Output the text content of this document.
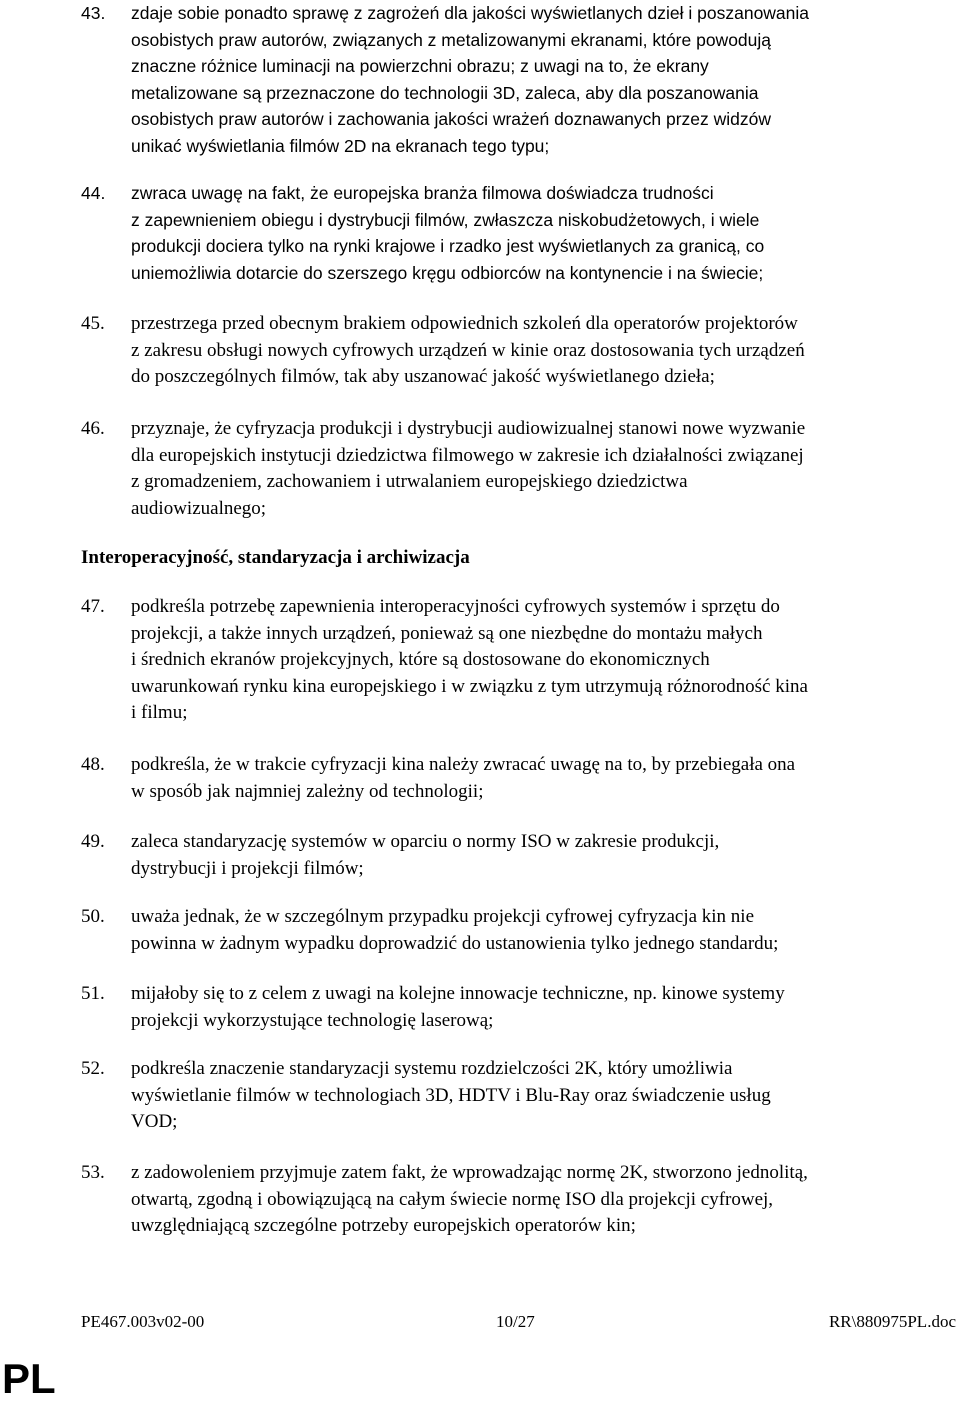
43. zdaje sobie ponadto sprawę z zagrożeń dla jakości wyświetlanych dzieł i poszanowania
osobistych praw autorów, związanych z metalizowanymi ekranami, które powodują
znaczne różnice luminacji na powierzchni obrazu; z uwagi na to, że ekrany
metalizowane są przeznaczone do technologii 3D, zaleca, aby dla poszanowania
osobistych praw autorów i zachowania jakości wrażeń doznawanych przez widzów
unikać wyświetlania filmów 2D na ekranach tego typu;
44. zwraca uwagę na fakt, że europejska branża filmowa doświadcza trudności
z zapewnieniem obiegu i dystrybucji filmów, zwłaszcza niskobudżetowych, i wiele
produkcji dociera tylko na rynki krajowe i rzadko jest wyświetlanych za granicą, co
uniemożliwia dotarcie do szerszego kręgu odbiorców na kontynencie i na świecie;
45. przestrzega przed obecnym brakiem odpowiednich szkoleń dla operatorów projektorów
z zakresu obsługi nowych cyfrowych urządzeń w kinie oraz dostosowania tych urządzeń
do poszczególnych filmów, tak aby uszanować jakość wyświetlanego dzieła;
46. przyznaje, że cyfryzacja produkcji i dystrybucji audiowizualnej stanowi nowe wyzwanie
dla europejskich instytucji dziedzictwa filmowego w zakresie ich działalności związanej
z gromadzeniem, zachowaniem i utrwalaniem europejskiego dziedzictwa
audiowizualnego;
Interoperacyjność, standaryzacja i archiwizacja
47. podkreśla potrzebę zapewnienia interoperacyjności cyfrowych systemów i sprzętu do
projekcji, a także innych urządzeń, ponieważ są one niezbędne do montażu małych
i średnich ekranów projekcyjnych, które są dostosowane do ekonomicznych
uwarunkowań rynku kina europejskiego i w związku z tym utrzymują różnorodność kina
i filmu;
48. podkreśla, że w trakcie cyfryzacji kina należy zwracać uwagę na to, by przebiegała ona
w sposób jak najmniej zależny od technologii;
49. zaleca standaryzację systemów w oparciu o normy ISO w zakresie produkcji,
dystrybucji i projekcji filmów;
50. uważa jednak, że w szczególnym przypadku projekcji cyfrowej cyfryzacja kin nie
powinna w żadnym wypadku doprowadzić do ustanowienia tylko jednego standardu;
51. mijałoby się to z celem z uwagi na kolejne innowacje techniczne, np. kinowe systemy
projekcji wykorzystujące technologię laserową;
52. podkreśla znaczenie standaryzacji systemu rozdzielczości 2K, który umożliwia
wyświetlanie filmów w technologiach 3D, HDTV i Blu-Ray oraz świadczenie usług
VOD;
53. z zadowoleniem przyjmuje zatem fakt, że wprowadzając normę 2K, stworzono jednolitą,
otwartą, zgodną i obowiązującą na całym świecie normę ISO dla projekcji cyfrowej,
uwzględniającą szczególne potrzeby europejskich operatorów kin;
PE467.003v02-00	10/27	RR\880975PL.doc
PL
